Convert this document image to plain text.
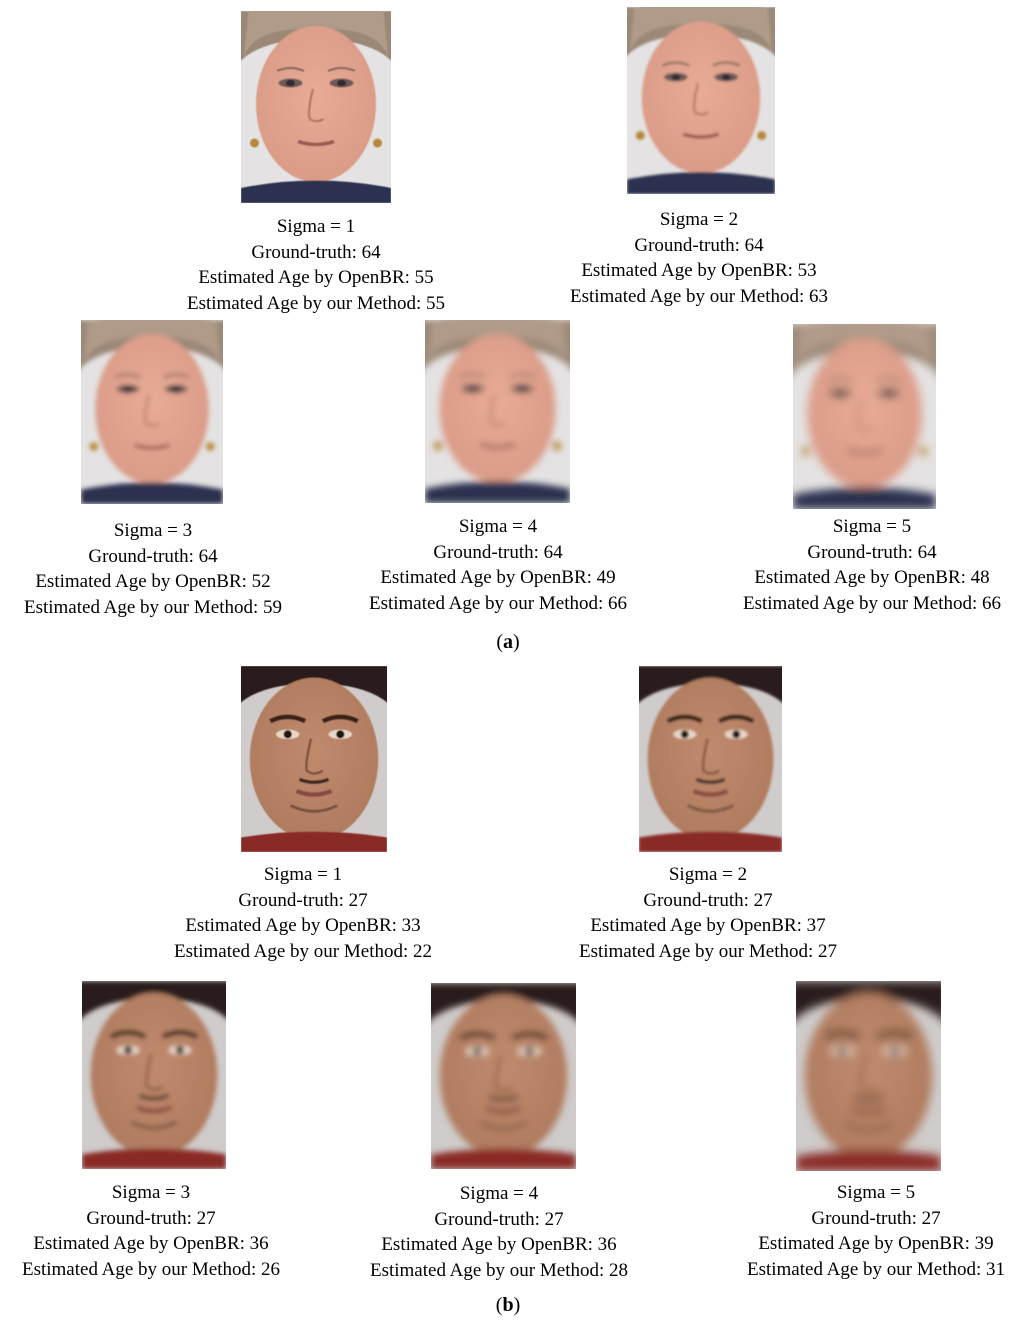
Sigma = 1
Ground-truth: 64
Estimated Age by OpenBR: 55
Estimated Age by our Method: 55
Sigma = 2
Ground-truth: 64
Estimated Age by OpenBR: 53
Estimated Age by our Method: 63
Sigma = 3
Ground-truth: 64
Estimated Age by OpenBR: 52
Estimated Age by our Method: 59
Sigma = 4
Ground-truth: 64
Estimated Age by OpenBR: 49
Estimated Age by our Method: 66
Sigma = 5
Ground-truth: 64
Estimated Age by OpenBR: 48
Estimated Age by our Method: 66
(a)
Sigma = 1
Ground-truth: 27
Estimated Age by OpenBR: 33
Estimated Age by our Method: 22
Sigma = 2
Ground-truth: 27
Estimated Age by OpenBR: 37
Estimated Age by our Method: 27
Sigma = 3
Ground-truth: 27
Estimated Age by OpenBR: 36
Estimated Age by our Method: 26
Sigma = 4
Ground-truth: 27
Estimated Age by OpenBR: 36
Estimated Age by our Method: 28
Sigma = 5
Ground-truth: 27
Estimated Age by OpenBR: 39
Estimated Age by our Method: 31
(b)
